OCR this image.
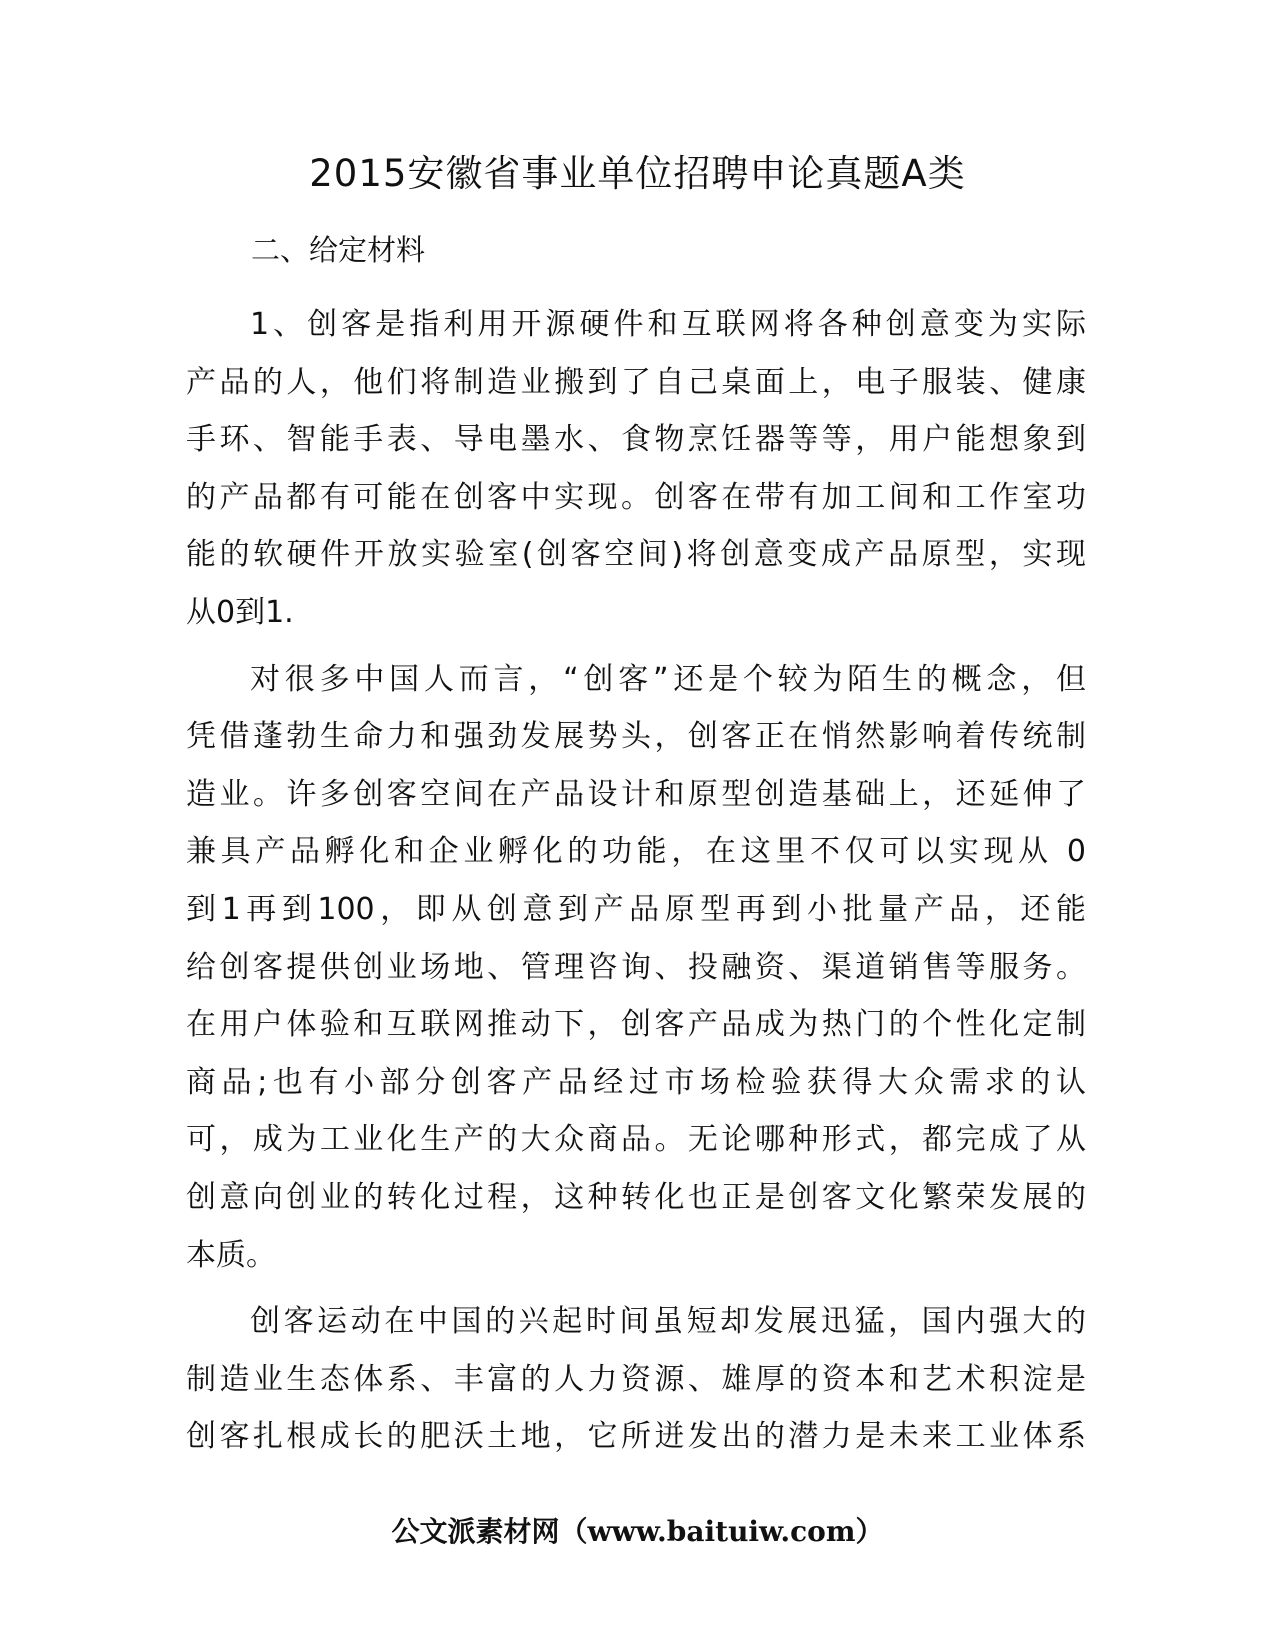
2015安徽省事业单位招聘申论真题A类
二、给定材料
1、创客是指利用开源硬件和互联网将各种创意变为实际
产品的人，他们将制造业搬到了自己桌面上，电子服装、健康
手环、智能手表、导电墨水、食物烹饪器等等，用户能想象到
的产品都有可能在创客中实现。创客在带有加工间和工作室功
能的软硬件开放实验室(创客空间)将创意变成产品原型，实现
从0到1.
对很多中国人而言，“创客”还是个较为陌生的概念，但
凭借蓬勃生命力和强劲发展势头，创客正在悄然影响着传统制
造业。许多创客空间在产品设计和原型创造基础上，还延伸了
兼具产品孵化和企业孵化的功能，在这里不仅可以实现从 0
到1再到100，即从创意到产品原型再到小批量产品，还能
给创客提供创业场地、管理咨询、投融资、渠道销售等服务。
在用户体验和互联网推动下，创客产品成为热门的个性化定制
商品;也有小部分创客产品经过市场检验获得大众需求的认
可，成为工业化生产的大众商品。无论哪种形式，都完成了从
创意向创业的转化过程，这种转化也正是创客文化繁荣发展的
本质。
创客运动在中国的兴起时间虽短却发展迅猛，国内强大的
制造业生态体系、丰富的人力资源、雄厚的资本和艺术积淀是
创客扎根成长的肥沃土地，它所迸发出的潜力是未来工业体系
公文派素材网（www.baituiw.com）
